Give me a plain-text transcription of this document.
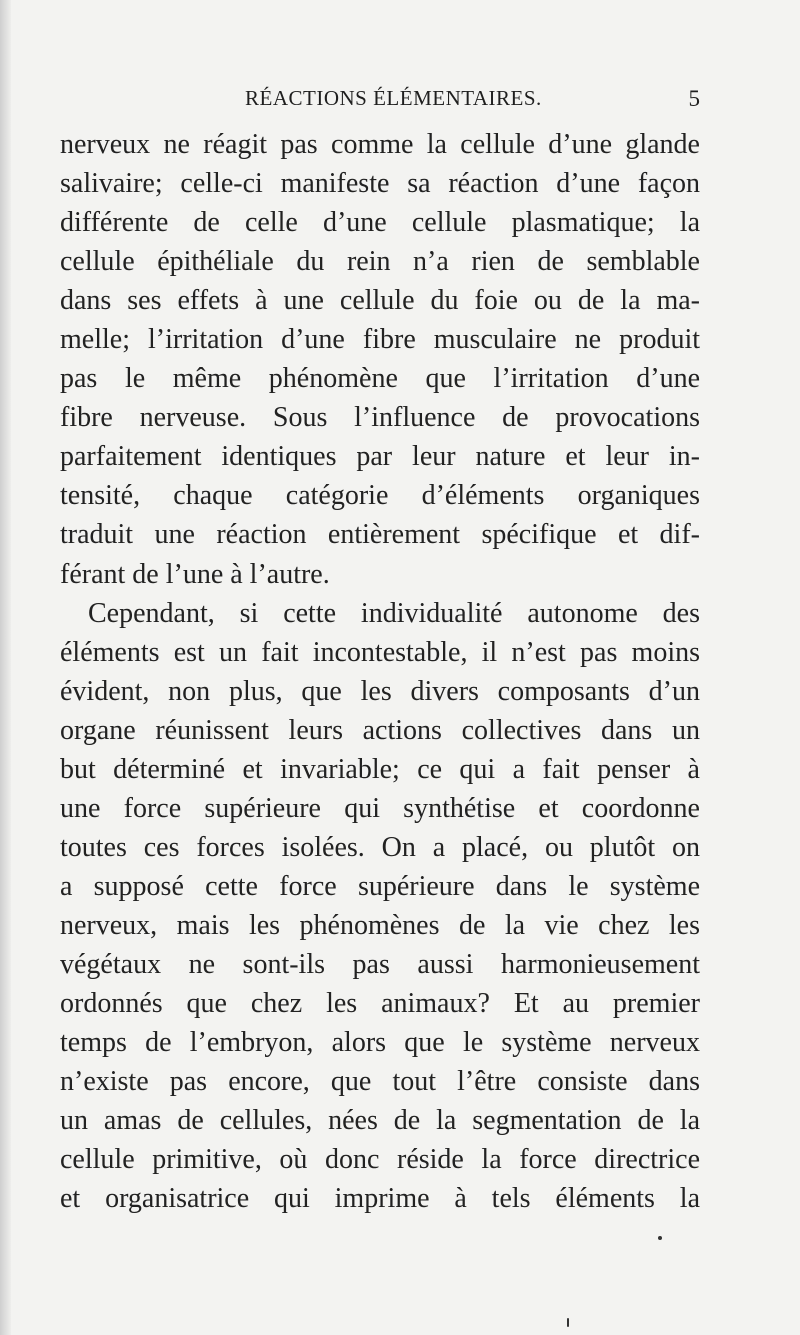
RÉACTIONS ÉLÉMENTAIRES.	5
nerveux ne réagit pas comme la cellule d’une glande
salivaire; celle-ci manifeste sa réaction d’une façon
différente de celle d’une cellule plasmatique; la
cellule épithéliale du rein n’a rien de semblable
dans ses effets à une cellule du foie ou de la ma-
melle; l’irritation d’une fibre musculaire ne produit
pas le même phénomène que l’irritation d’une
fibre nerveuse. Sous l’influence de provocations
parfaitement identiques par leur nature et leur in-
tensité, chaque catégorie d’éléments organiques
traduit une réaction entièrement spécifique et dif-
férant de l’une à l’autre.
Cependant, si cette individualité autonome des
éléments est un fait incontestable, il n’est pas moins
évident, non plus, que les divers composants d’un
organe réunissent leurs actions collectives dans un
but déterminé et invariable; ce qui a fait penser à
une force supérieure qui synthétise et coordonne
toutes ces forces isolées. On a placé, ou plutôt on
a supposé cette force supérieure dans le système
nerveux, mais les phénomènes de la vie chez les
végétaux ne sont-ils pas aussi harmonieusement
ordonnés que chez les animaux? Et au premier
temps de l’embryon, alors que le système nerveux
n’existe pas encore, que tout l’être consiste dans
un amas de cellules, nées de la segmentation de la
cellule primitive, où donc réside la force directrice
et organisatrice qui imprime à tels éléments la
